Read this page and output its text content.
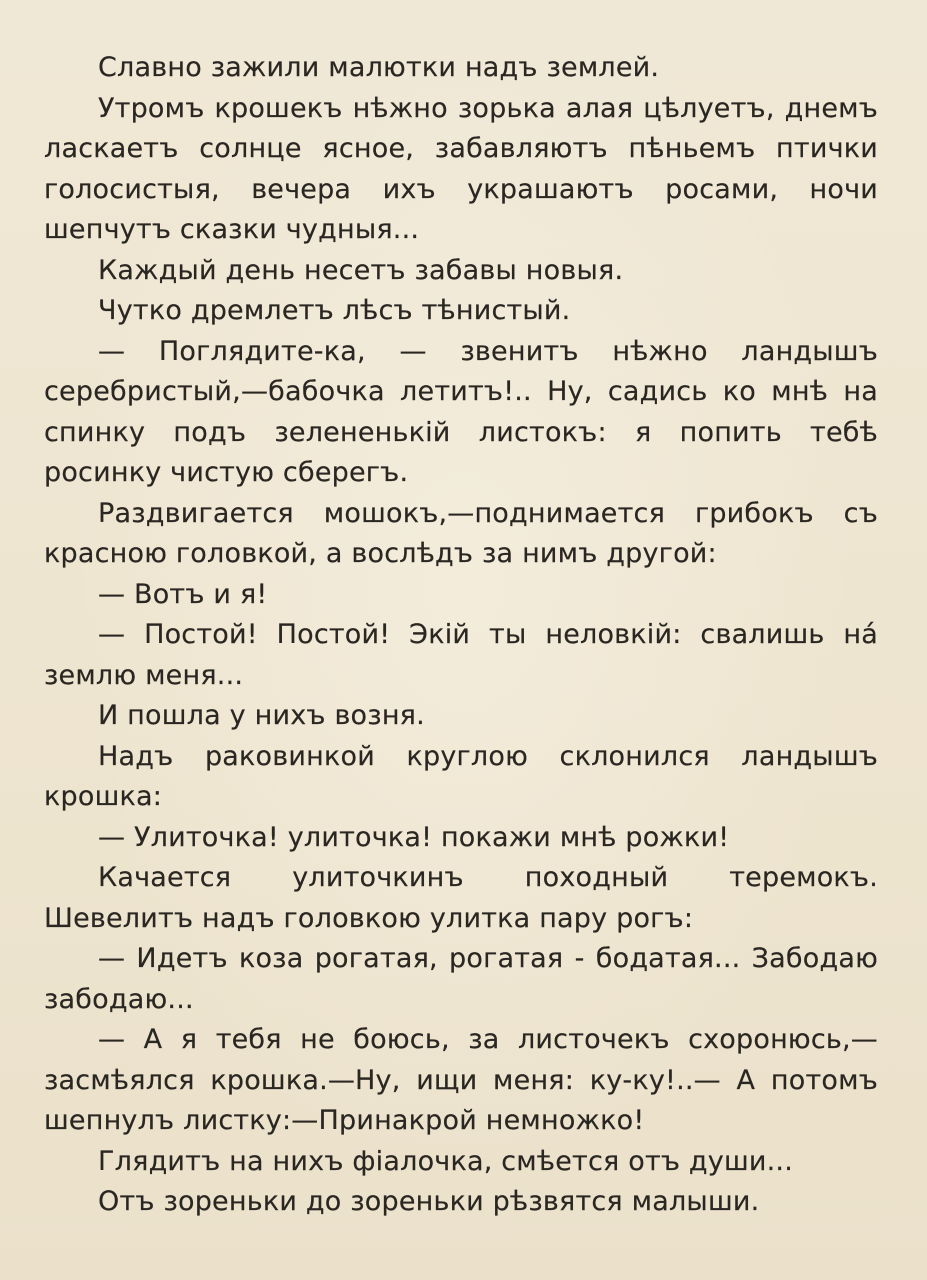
Славно зажили малютки надъ землей.

Утромъ крошекъ нѣжно зорька алая цѣлуетъ, днемъ ласкаетъ солнце ясное, забавляютъ пѣньемъ птички голосистыя, вечера ихъ украшаютъ росами, ночи шепчутъ сказки чудныя...

Каждый день несетъ забавы новыя.

Чутко дремлетъ лѣсъ тѣнистый.

— Поглядите-ка, — звенитъ нѣжно ландышъ серебристый,—бабочка летитъ!.. Ну, садись ко мнѣ на спинку подъ зелененькій листокъ: я попить тебѣ росинку чистую сберегъ.

Раздвигается мошокъ,—поднимается грибокъ съ красною головкой, а вослѣдъ за нимъ другой:

— Вотъ и я!

— Постой! Постой! Экій ты неловкій: свалишь нá землю меня...

И пошла у нихъ возня.

Надъ раковинкой круглою склонился ландышъ крошка:

— Улиточка! улиточка! покажи мнѣ рожки!

Качается улиточкинъ походный теремокъ. Шевелитъ надъ головкою улитка пару рогъ:

— Идетъ коза рогатая, рогатая - бодатая... Забодаю забодаю...

— А я тебя не боюсь, за листочекъ схоронюсь,—засмѣялся крошка.—Ну, ищи меня: ку-ку!..— А потомъ шепнулъ листку:—Принакрой немножко!

Глядитъ на нихъ фіалочка, смѣется отъ души...

Отъ зореньки до зореньки рѣзвятся малыши.
